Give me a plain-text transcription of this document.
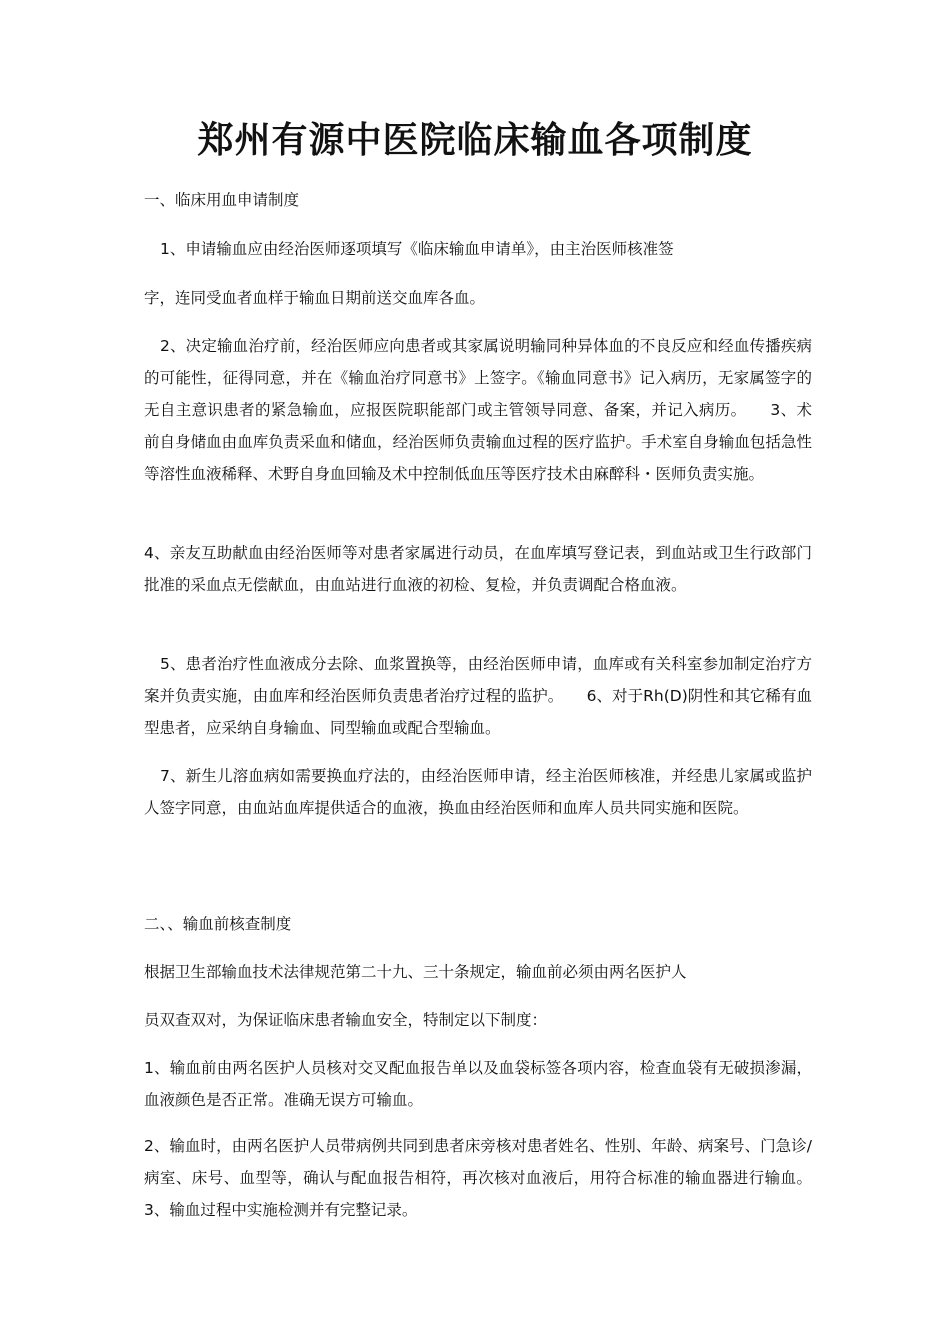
郑州有源中医院临床输血各项制度
一、临床用血申请制度
1、申请输血应由经治医师逐项填写《临床输血申请单》，由主治医师核准签
字，连同受血者血样于输血日期前送交血库各血。

2、决定输血治疗前，经治医师应向患者或其家属说明输同种异体血的不良反应和经血传播疾病的可能性，征得同意，并在《输血治疗同意书》上签字。《输血同意书》记入病历，无家属签字的无自主意识患者的紧急输血，应报医院职能部门或主管领导同意、备案，并记入病历。　　3、术前自身储血由血库负责采血和储血，经治医师负责输血过程的医疗监护。手术室自身输血包括急性等溶性血液稀释、术野自身血回输及术中控制低血压等医疗技术由麻醉科・医师负责实施。

4、亲友互助献血由经治医师等对患者家属进行动员，在血库填写登记表，到血站或卫生行政部门批准的采血点无偿献血，由血站进行血液的初检、复检，并负责调配合格血液。

5、患者治疗性血液成分去除、血浆置换等，由经治医师申请，血库或有关科室参加制定治疗方案并负责实施，由血库和经治医师负责患者治疗过程的监护。　　6、对于Rh(D)阴性和其它稀有血型患者，应采纳自身输血、同型输血或配合型输血。

7、新生儿溶血病如需要换血疗法的，由经治医师申请，经主治医师核准，并经患儿家属或监护人签字同意，由血站血库提供适合的血液，换血由经治医师和血库人员共同实施和医院。

二、、输血前核查制度
根据卫生部输血技术法律规范第二十九、三十条规定，输血前必须由两名医护人
员双查双对，为保证临床患者输血安全，特制定以下制度：

1、输血前由两名医护人员核对交叉配血报告单以及血袋标签各项内容，检查血袋有无破损渗漏，血液颜色是否正常。准确无误方可输血。

2、输血时，由两名医护人员带病例共同到患者床旁核对患者姓名、性别、年龄、病案号、门急诊/病室、床号、血型等，确认与配血报告相符，再次核对血液后，用符合标准的输血器进行输血。 3、输血过程中实施检测并有完整记录。
